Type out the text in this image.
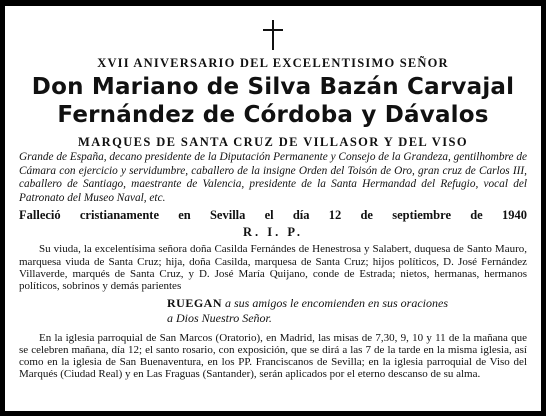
XVII ANIVERSARIO DEL EXCELENTISIMO SEÑOR
Don Mariano de Silva Bazán Carvajal
Fernández de Córdoba y Dávalos
MARQUES DE SANTA CRUZ DE VILLASOR Y DEL VISO
Grande de España, decano presidente de la Diputación Permanente y Consejo de la Grandeza, gentilhombre de Cámara con ejercicio y servidumbre, caballero de la insigne Orden del Toisón de Oro, gran cruz de Carlos III, caballero de Santiago, maestrante de Valencia, presidente de la Santa Hermandad del Refugio, vocal del Patronato del Museo Naval, etc.
Falleció cristianamente en Sevilla el día 12 de septiembre de 1940
R. I. P.
Su viuda, la excelentísima señora doña Casilda Fernándes de Henestrosa y Salabert, duquesa de Santo Mauro, marquesa viuda de Santa Cruz; hija, doña Casilda, marquesa de Santa Cruz; hijos políticos, D. José Fernández Villaverde, marqués de Santa Cruz, y D. José María Quijano, conde de Estrada; nietos, hermanas, hermanos políticos, sobrinos y demás parientes
RUEGAN a sus amigos le encomienden en sus oraciones
a Dios Nuestro Señor.
En la iglesia parroquial de San Marcos (Oratorio), en Madrid, las misas de 7,30, 9, 10 y 11 de la mañana que se celebren mañana, día 12; el santo rosario, con exposición, que se dirá a las 7 de la tarde en la misma iglesia, así como en la iglesia de San Buenaventura, en los PP. Franciscanos de Sevilla; en la iglesia parroquial de Viso del Marqués (Ciudad Real) y en Las Fraguas (Santander), serán aplicados por el eterno descanso de su alma.
